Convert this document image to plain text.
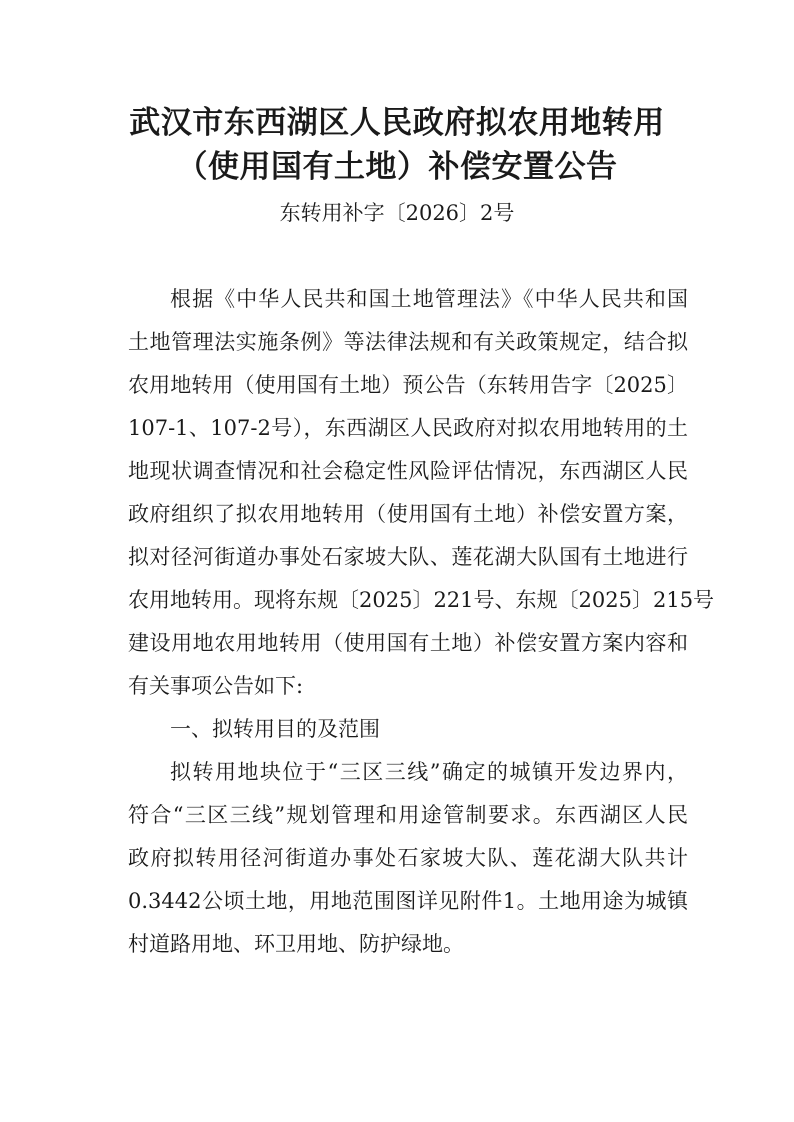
武汉市东西湖区人民政府拟农用地转用
（使用国有土地）补偿安置公告
东转用补字〔2026〕2号
根据《中华人民共和国土地管理法》《中华人民共和国
土地管理法实施条例》等法律法规和有关政策规定，结合拟
农用地转用（使用国有土地）预公告（东转用告字〔2025〕
107-1、107-2号），东西湖区人民政府对拟农用地转用的土
地现状调查情况和社会稳定性风险评估情况，东西湖区人民
政府组织了拟农用地转用（使用国有土地）补偿安置方案，
拟对径河街道办事处石家坡大队、莲花湖大队国有土地进行
农用地转用。现将东规〔2025〕221号、东规〔2025〕215号
建设用地农用地转用（使用国有土地）补偿安置方案内容和
有关事项公告如下:
一、拟转用目的及范围
拟转用地块位于“三区三线”确定的城镇开发边界内，
符合“三区三线”规划管理和用途管制要求。东西湖区人民
政府拟转用径河街道办事处石家坡大队、莲花湖大队共计
0.3442公顷土地，用地范围图详见附件1。土地用途为城镇
村道路用地、环卫用地、防护绿地。
